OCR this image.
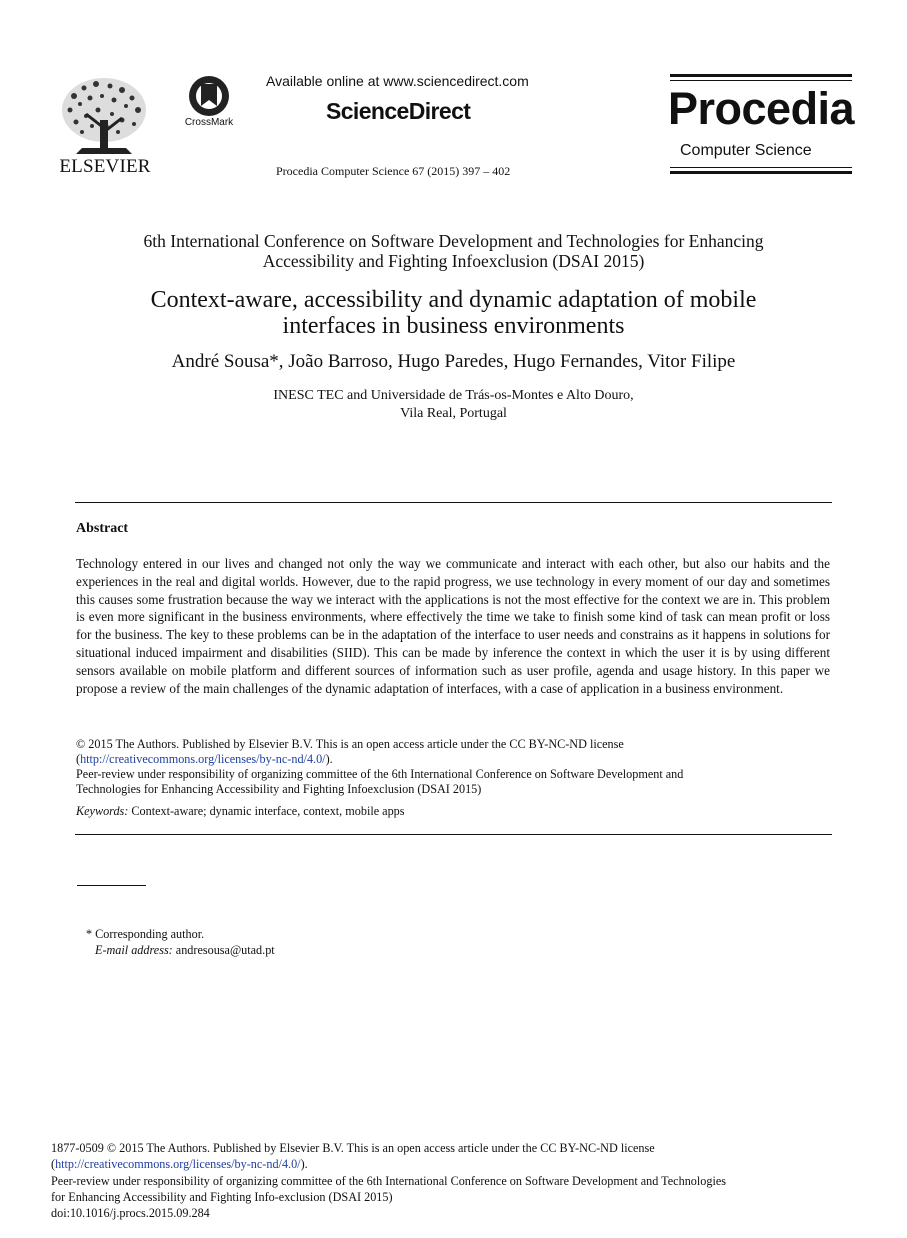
ELSEVIER
CrossMark
Available online at www.sciencedirect.com
ScienceDirect
Procedia Computer Science 67 (2015) 397 – 402
Procedia
Computer Science
6th International Conference on Software Development and Technologies for Enhancing
Accessibility and Fighting Infoexclusion (DSAI 2015)
Context-aware, accessibility and dynamic adaptation of mobile
interfaces in business environments
André Sousa*, João Barroso, Hugo Paredes, Hugo Fernandes, Vitor Filipe
INESC TEC and Universidade de Trás-os-Montes e Alto Douro,
Vila Real, Portugal
Abstract
Technology entered in our lives and changed not only the way we communicate and interact with each other, but also our habits and the experiences in the real and digital worlds. However, due to the rapid progress, we use technology in every moment of our day and sometimes this causes some frustration because the way we interact with the applications is not the most effective for the context we are in. This problem is even more significant in the business environments, where effectively the time we take to finish some kind of task can mean profit or loss for the business. The key to these problems can be in the adaptation of the interface to user needs and constrains as it happens in solutions for situational induced impairment and disabilities (SIID). This can be made by inference the context in which the user it is by using different sensors available on mobile platform and different sources of information such as user profile, agenda and usage history. In this paper we propose a review of the main challenges of the dynamic adaptation of interfaces, with a case of application in a business environment.
© 2015 The Authors. Published by Elsevier B.V. This is an open access article under the CC BY-NC-ND license
(http://creativecommons.org/licenses/by-nc-nd/4.0/).
Peer-review under responsibility of organizing committee of the 6th International Conference on Software Development and
Technologies for Enhancing Accessibility and Fighting Infoexclusion (DSAI 2015)
Keywords: Context-aware; dynamic interface, context, mobile apps
* Corresponding author.
E-mail address: andresousa@utad.pt
1877-0509 © 2015 The Authors. Published by Elsevier B.V. This is an open access article under the CC BY-NC-ND license
(http://creativecommons.org/licenses/by-nc-nd/4.0/).
Peer-review under responsibility of organizing committee of the 6th International Conference on Software Development and Technologies
for Enhancing Accessibility and Fighting Info-exclusion (DSAI 2015)
doi:10.1016/j.procs.2015.09.284
